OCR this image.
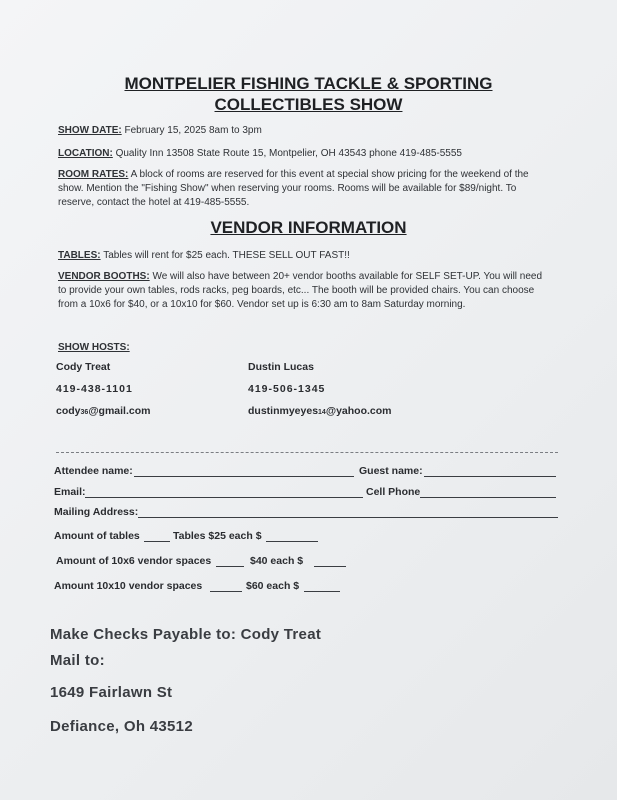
MONTPELIER FISHING TACKLE & SPORTING
COLLECTIBLES SHOW
SHOW DATE: February 15, 2025 8am to 3pm
LOCATION: Quality Inn 13508 State Route 15, Montpelier, OH 43543 phone 419-485-5555
ROOM RATES: A block of rooms are reserved for this event at special show pricing for the weekend of the show. Mention the "Fishing Show" when reserving your rooms. Rooms will be available for $89/night. To reserve, contact the hotel at 419-485-5555.
VENDOR INFORMATION
TABLES: Tables will rent for $25 each. THESE SELL OUT FAST!!
VENDOR BOOTHS: We will also have between 20+ vendor booths available for SELF SET-UP. You will need to provide your own tables, rods racks, peg boards, etc... The booth will be provided chairs. You can choose from a 10x6 for $40, or a 10x10 for $60. Vendor set up is 6:30 am to 8am Saturday morning.
SHOW HOSTS:
Cody Treat	Dustin Lucas
419-438-1101	419-506-1345
cody36@gmail.com	dustinmyeyes14@yahoo.com
Attendee name:	Guest name:
Email:	Cell Phone
Mailing Address:
Amount of tables	Tables $25 each $
Amount of 10x6 vendor spaces	$40 each $
Amount 10x10 vendor spaces	$60 each $
Make Checks Payable to: Cody Treat
Mail to:
1649 Fairlawn St
Defiance, Oh 43512
